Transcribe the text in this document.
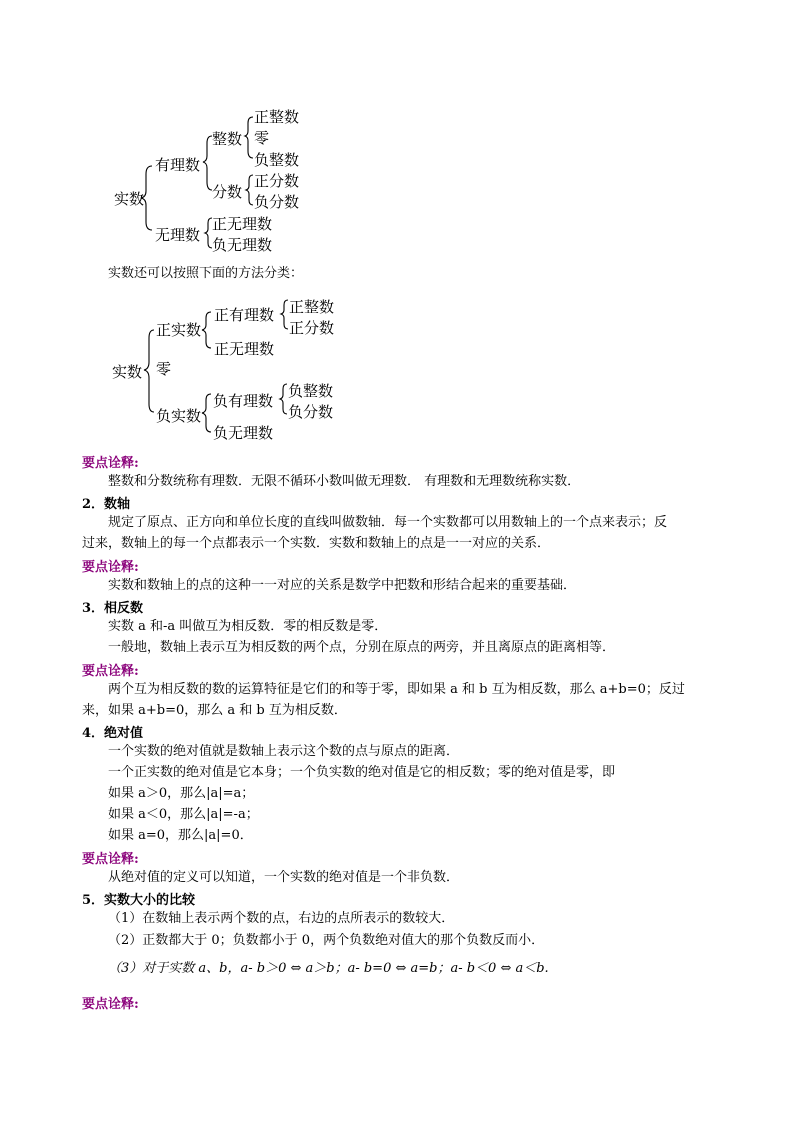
实数
有理数
整数
正整数
零
负整数
分数
正分数
负分数
无理数
正无理数
负无理数
实数还可以按照下面的方法分类：
实数
正实数
正有理数 正整数
正分数
正无理数
零
负实数
负有理数
负整数
负分数
负无理数
要点诠释:
整数和分数统称有理数．无限不循环小数叫做无理数． 有理数和无理数统称实数．
2．数轴
规定了原点、正方向和单位长度的直线叫做数轴．每一个实数都可以用数轴上的一个点来表示；反
过来，数轴上的每一个点都表示一个实数．实数和数轴上的点是一一对应的关系．
要点诠释:
实数和数轴上的点的这种一一对应的关系是数学中把数和形结合起来的重要基础．
3．相反数
实数 a 和-a 叫做互为相反数．零的相反数是零．
一般地，数轴上表示互为相反数的两个点，分别在原点的两旁，并且离原点的距离相等．
要点诠释:
两个互为相反数的数的运算特征是它们的和等于零，即如果 a 和 b 互为相反数，那么 a+b=0；反过
来，如果 a+b=0，那么 a 和 b 互为相反数．
4．绝对值
一个实数的绝对值就是数轴上表示这个数的点与原点的距离．
一个正实数的绝对值是它本身；一个负实数的绝对值是它的相反数；零的绝对值是零，即
如果 a＞0，那么|a|=a；
如果 a＜0，那么|a|=-a；
如果 a=0，那么|a|=0．
要点诠释:
从绝对值的定义可以知道，一个实数的绝对值是一个非负数．
5．实数大小的比较
（1）在数轴上表示两个数的点，右边的点所表示的数较大．
（2）正数都大于 0；负数都小于 0，两个负数绝对值大的那个负数反而小．
（3）对于实数 a、b，a- b＞0 ⇔ a＞b；a- b=0 ⇔ a=b；a- b＜0 ⇔ a＜b.
要点诠释:
